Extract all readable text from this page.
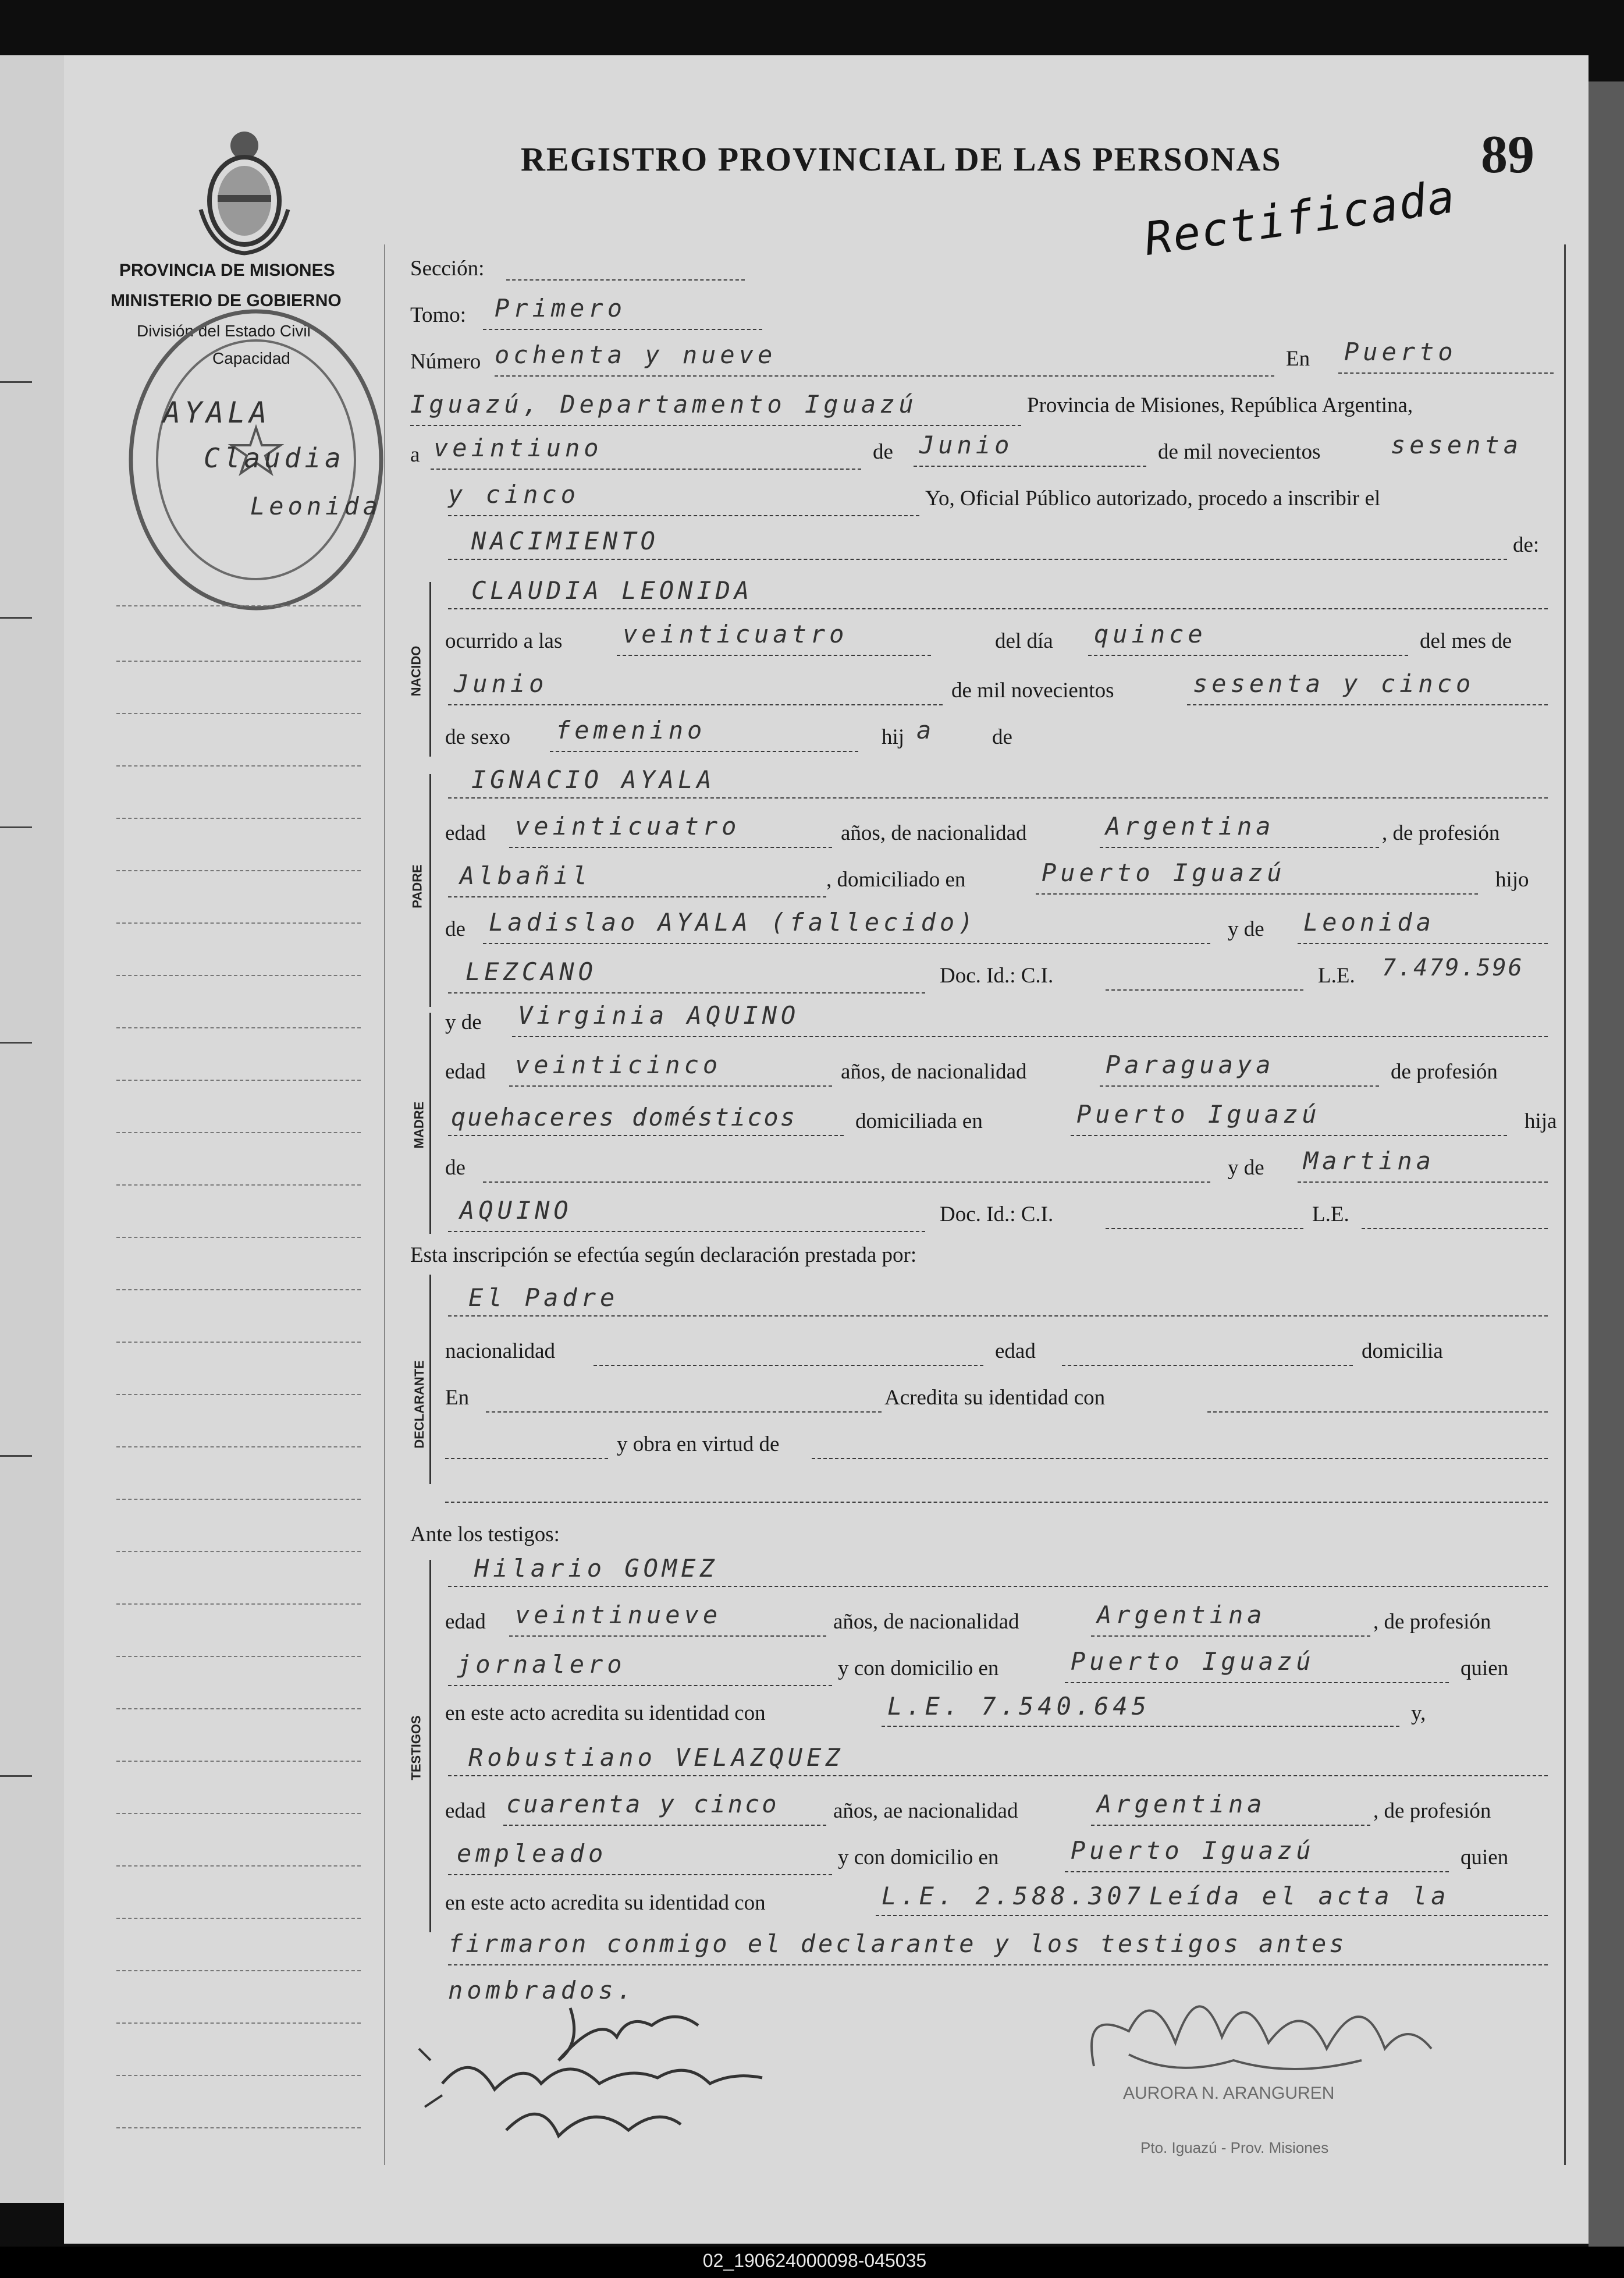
REGISTRO PROVINCIAL DE LAS PERSONAS	89
Rectificada
PROVINCIA DE MISIONES
MINISTERIO DE GOBIERNO
División del Estado Civil
Capacidad
AYALA
Claudia
Leonida
Sección:
Tomo: Primero
Número ochenta y nueve	En Puerto
Iguazú, Departamento Iguazú	Provincia de Misiones, República Argentina,
a veintiuno	de Junio	de mil novecientos	sesenta
y cinco	Yo, Oficial Público autorizado, procedo a inscribir el
NACIMIENTO	de:
NACIDO
CLAUDIA LEONIDA
ocurrido a las veinticuatro	del día quince	del mes de
Junio	de mil novecientos	sesenta y cinco
de sexo femenino	hij a	de
PADRE
IGNACIO AYALA
edad veinticuatro	años, de nacionalidad	Argentina	, de profesión
Albañil	, domiciliado en	Puerto Iguazú	hijo
de Ladislao AYALA (fallecido)	y de Leonida
LEZCANO	Doc. Id.: C.I.	L.E. 7.479.596
MADRE
y de Virginia AQUINO
edad veinticinco	años, de nacionalidad	Paraguaya	de profesión
quehaceres domésticos	domiciliada en	Puerto Iguazú	hija
de	y de Martina
AQUINO	Doc. Id.: C.I.	L.E.
Esta inscripción se efectúa según declaración prestada por:
DECLARANTE
El Padre
nacionalidad	edad	domicilia
En	Acredita su identidad con
y obra en virtud de
Ante los testigos:
TESTIGOS
Hilario GOMEZ
edad veintinueve	años, de nacionalidad	Argentina	, de profesión
jornalero	y con domicilio en	Puerto Iguazú	quien
en este acto acredita su identidad con	L.E. 7.540.645	y,
Robustiano VELAZQUEZ
edad cuarenta y cinco	años, ae nacionalidad	Argentina	, de profesión
empleado	y con domicilio en	Puerto Iguazú	quien
en este acto acredita su identidad con	L.E. 2.588.307 Leída el acta la
firmaron conmigo el declarante y los testigos antes
nombrados.
AURORA N. ARANGUREN
Pto. Iguazú - Prov. Misiones
02_190624000098-045035
